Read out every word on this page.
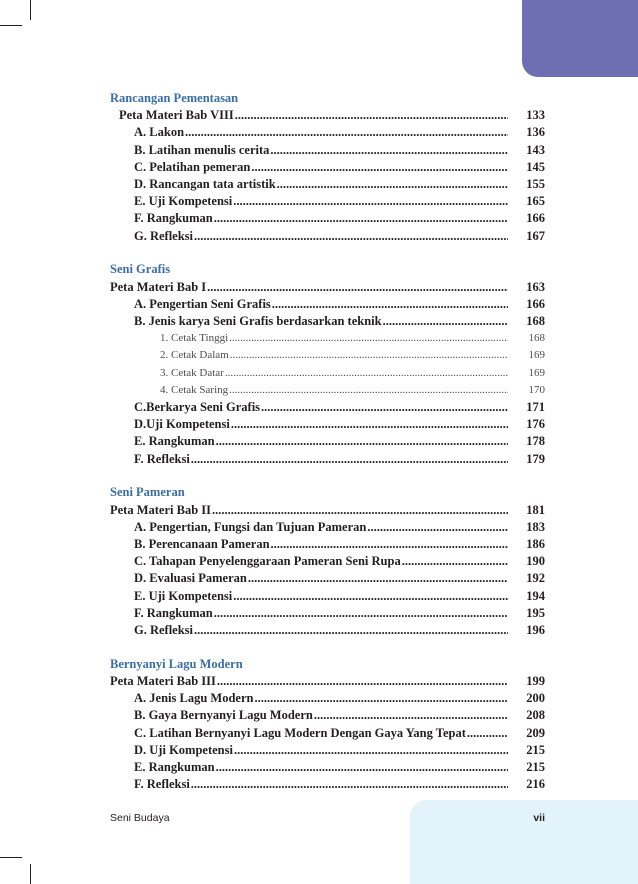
Rancangan Pementasan
Peta Materi Bab VIII .....	133
A. Lakon .....	136
B. Latihan menulis cerita .....	143
C. Pelatihan pemeran .....	145
D. Rancangan tata artistik .....	155
E. Uji Kompetensi .....	165
F. Rangkuman .....	166
G. Refleksi .....	167
Seni Grafis
Peta Materi Bab I .....	163
A. Pengertian Seni Grafis .....	166
B. Jenis karya Seni Grafis berdasarkan teknik .....	168
1. Cetak Tinggi .....	168
2. Cetak Dalam .....	169
3. Cetak Datar .....	169
4. Cetak Saring .....	170
C.Berkarya Seni Grafis .....	171
D.Uji Kompetensi .....	176
E. Rangkuman .....	178
F. Refleksi .....	179
Seni Pameran
Peta Materi Bab II .....	181
A. Pengertian, Fungsi dan Tujuan Pameran .....	183
B. Perencanaan Pameran .....	186
C. Tahapan Penyelenggaraan Pameran Seni Rupa .....	190
D. Evaluasi Pameran .....	192
E. Uji Kompetensi .....	194
F. Rangkuman .....	195
G. Refleksi .....	196
Bernyanyi Lagu Modern
Peta Materi Bab III .....	199
A. Jenis Lagu Modern .....	200
B. Gaya Bernyanyi Lagu Modern .....	208
C. Latihan Bernyanyi Lagu Modern Dengan Gaya Yang Tepat .....	209
D. Uji Kompetensi .....	215
E. Rangkuman .....	215
F. Refleksi .....	216
Seni Budaya	vii
